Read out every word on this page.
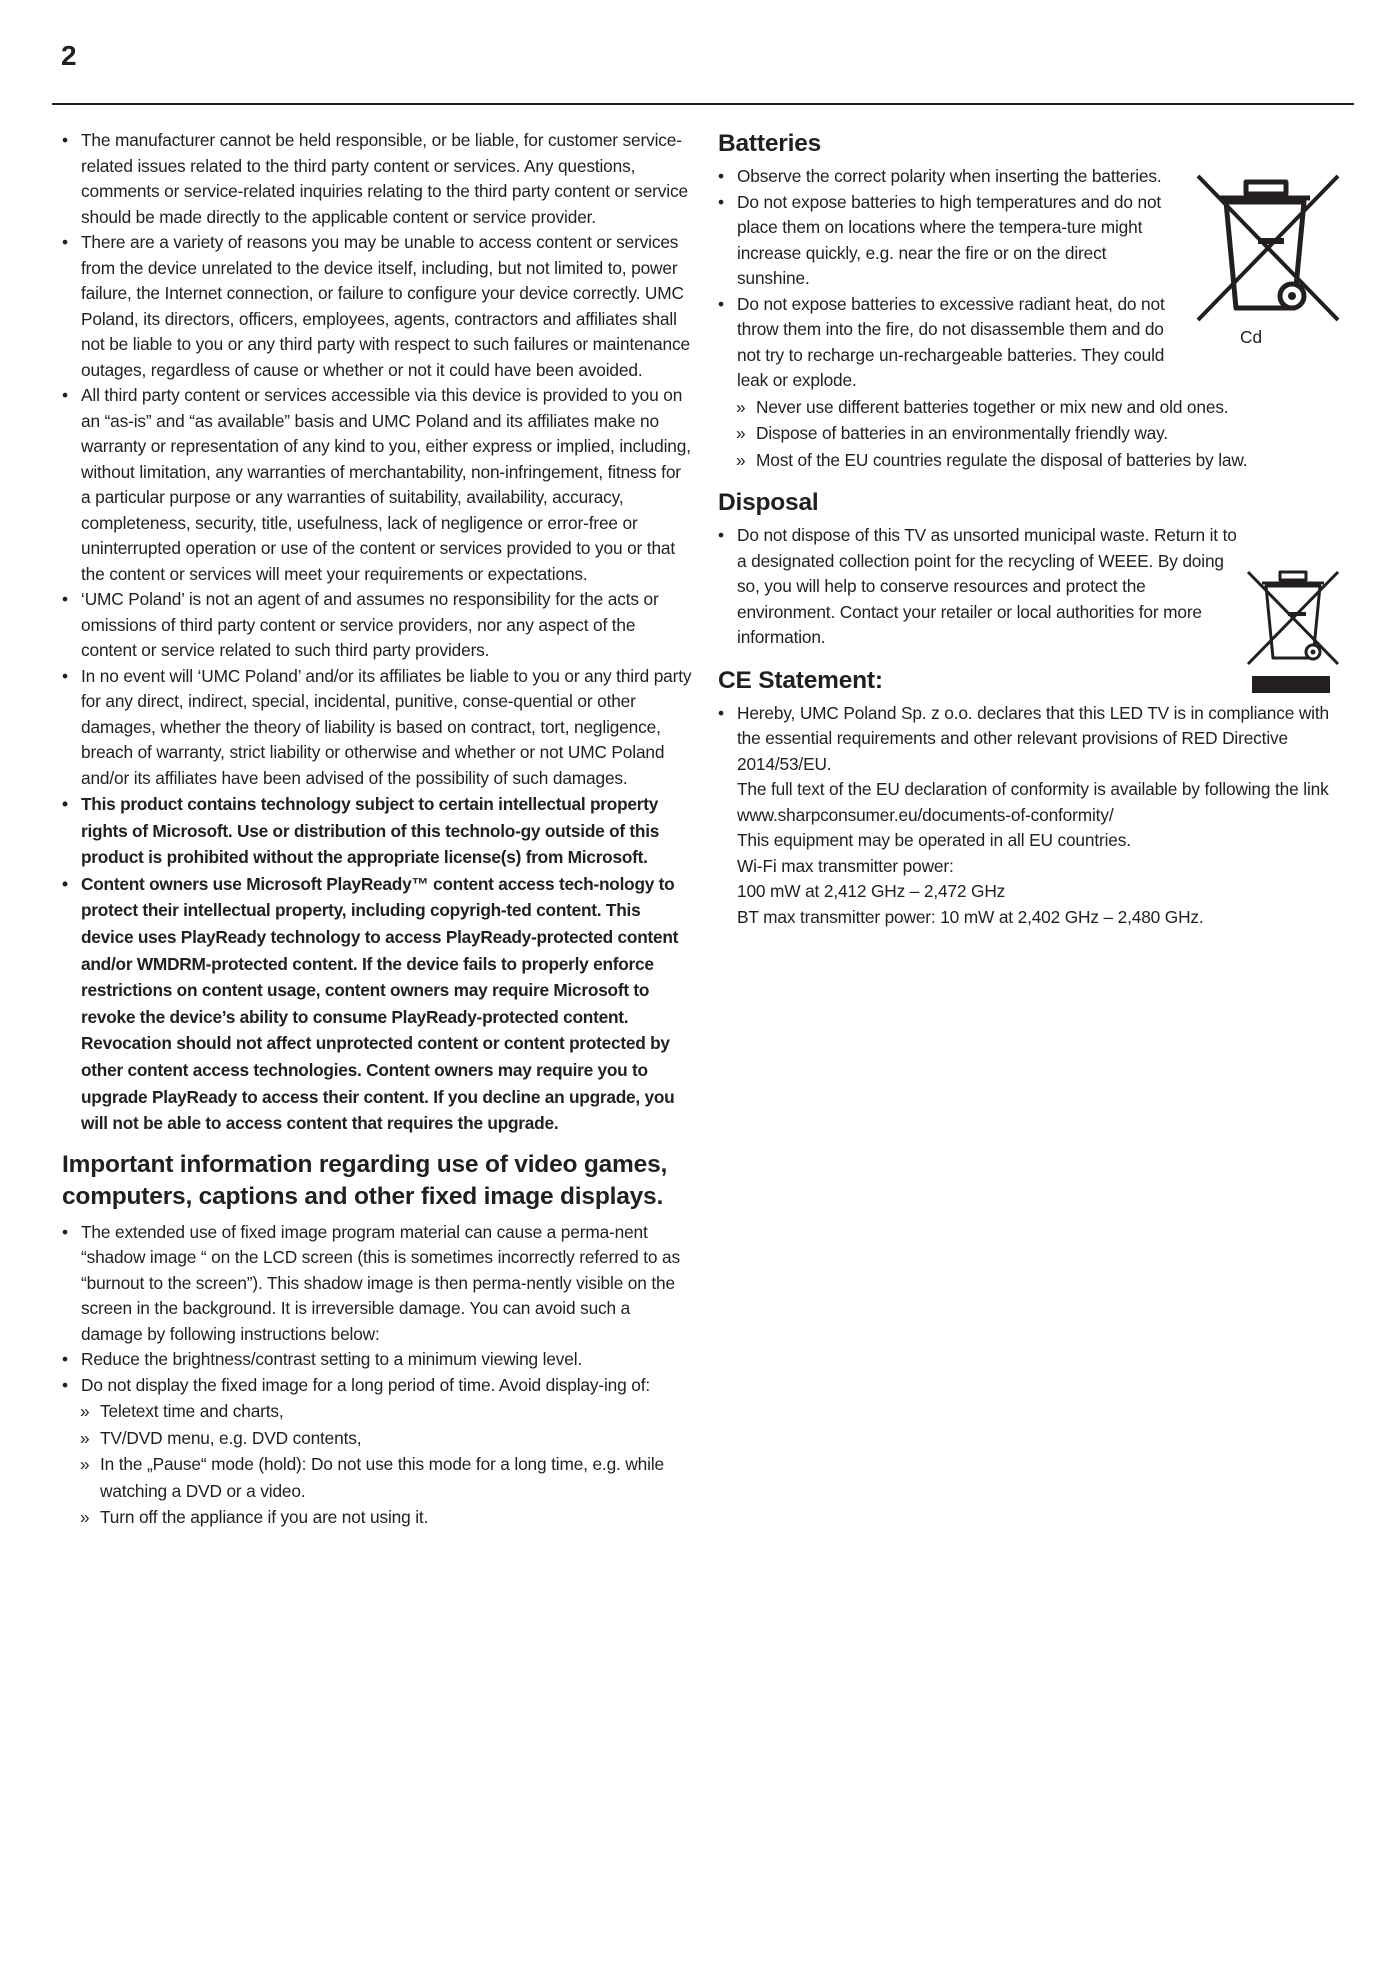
2
• The manufacturer cannot be held responsible, or be liable, for customer service-related issues related to the third party content or services. Any questions, comments or service-related inquiries relating to the third party content or service should be made directly to the applicable content or service provider.
• There are a variety of reasons you may be unable to access content or services from the device unrelated to the device itself, including, but not limited to, power failure, the Internet connection, or failure to configure your device correctly. UMC Poland, its directors, officers, employees, agents, contractors and affiliates shall not be liable to you or any third party with respect to such failures or maintenance outages, regardless of cause or whether or not it could have been avoided.
• All third party content or services accessible via this device is provided to you on an “as-is” and “as available” basis and UMC Poland and its affiliates make no warranty or representation of any kind to you, either express or implied, including, without limitation, any warranties of merchantability, non-infringement, fitness for a particular purpose or any warranties of suitability, availability, accuracy, completeness, security, title, usefulness, lack of negligence or error-free or uninterrupted operation or use of the content or services provided to you or that the content or services will meet your requirements or expectations.
• ‘UMC Poland’ is not an agent of and assumes no responsibility for the acts or omissions of third party content or service providers, nor any aspect of the content or service related to such third party providers.
• In no event will ‘UMC Poland’ and/or its affiliates be liable to you or any third party for any direct, indirect, special, incidental, punitive, conse-quential or other damages, whether the theory of liability is based on contract, tort, negligence, breach of warranty, strict liability or otherwise and whether or not UMC Poland and/or its affiliates have been advised of the possibility of such damages.
• This product contains technology subject to certain intellectual property rights of Microsoft. Use or distribution of this technolo-gy outside of this product is prohibited without the appropriate license(s) from Microsoft.
• Content owners use Microsoft PlayReady™ content access tech-nology to protect their intellectual property, including copyrigh-ted content. This device uses PlayReady technology to access PlayReady-protected content and/or WMDRM-protected content. If the device fails to properly enforce restrictions on content usage, content owners may require Microsoft to revoke the device’s ability to consume PlayReady-protected content. Revocation should not affect unprotected content or content protected by other content access technologies. Content owners may require you to upgrade PlayReady to access their content. If you decline an upgrade, you will not be able to access content that requires the upgrade.
Important information regarding use of video games, computers, captions and other fixed image displays.
• The extended use of fixed image program material can cause a perma-nent “shadow image “ on the LCD screen (this is sometimes incorrectly referred to as “burnout to the screen”). This shadow image is then perma-nently visible on the screen in the background. It is irreversible damage. You can avoid such a damage by following instructions below:
• Reduce the brightness/contrast setting to a minimum viewing level.
• Do not display the fixed image for a long period of time. Avoid display-ing of:
» Teletext time and charts,
» TV/DVD menu, e.g. DVD contents,
» In the „Pause“ mode (hold): Do not use this mode for a long time, e.g. while watching a DVD or a video.
» Turn off the appliance if you are not using it.
Batteries
• Observe the correct polarity when inserting the batteries.
• Do not expose batteries to high temperatures and do not place them on locations where the tempera-ture might increase quickly, e.g. near the fire or on the direct sunshine.
• Do not expose batteries to excessive radiant heat, do not throw them into the fire, do not disassemble them and do not try to recharge un-rechargeable batteries. They could leak or explode.
» Never use different batteries together or mix new and old ones.
» Dispose of batteries in an environmentally friendly way.
» Most of the EU countries regulate the disposal of batteries by law.
Disposal
• Do not dispose of this TV as unsorted municipal waste. Return it to a designated collection point for the recycling of WEEE. By doing so, you will help to conserve resources and protect the environment. Contact your retailer or local authorities for more information.
CE Statement:
• Hereby, UMC Poland Sp. z o.o. declares that this LED TV is in compliance with the essential requirements and other relevant provisions of RED Directive 2014/53/EU.
The full text of the EU declaration of conformity is available by following the link www.sharpconsumer.eu/documents-of-conformity/
This equipment may be operated in all EU countries.
Wi-Fi max transmitter power:
100 mW at 2,412 GHz – 2,472 GHz
BT max transmitter power: 10 mW at 2,402 GHz – 2,480 GHz.
Cd
